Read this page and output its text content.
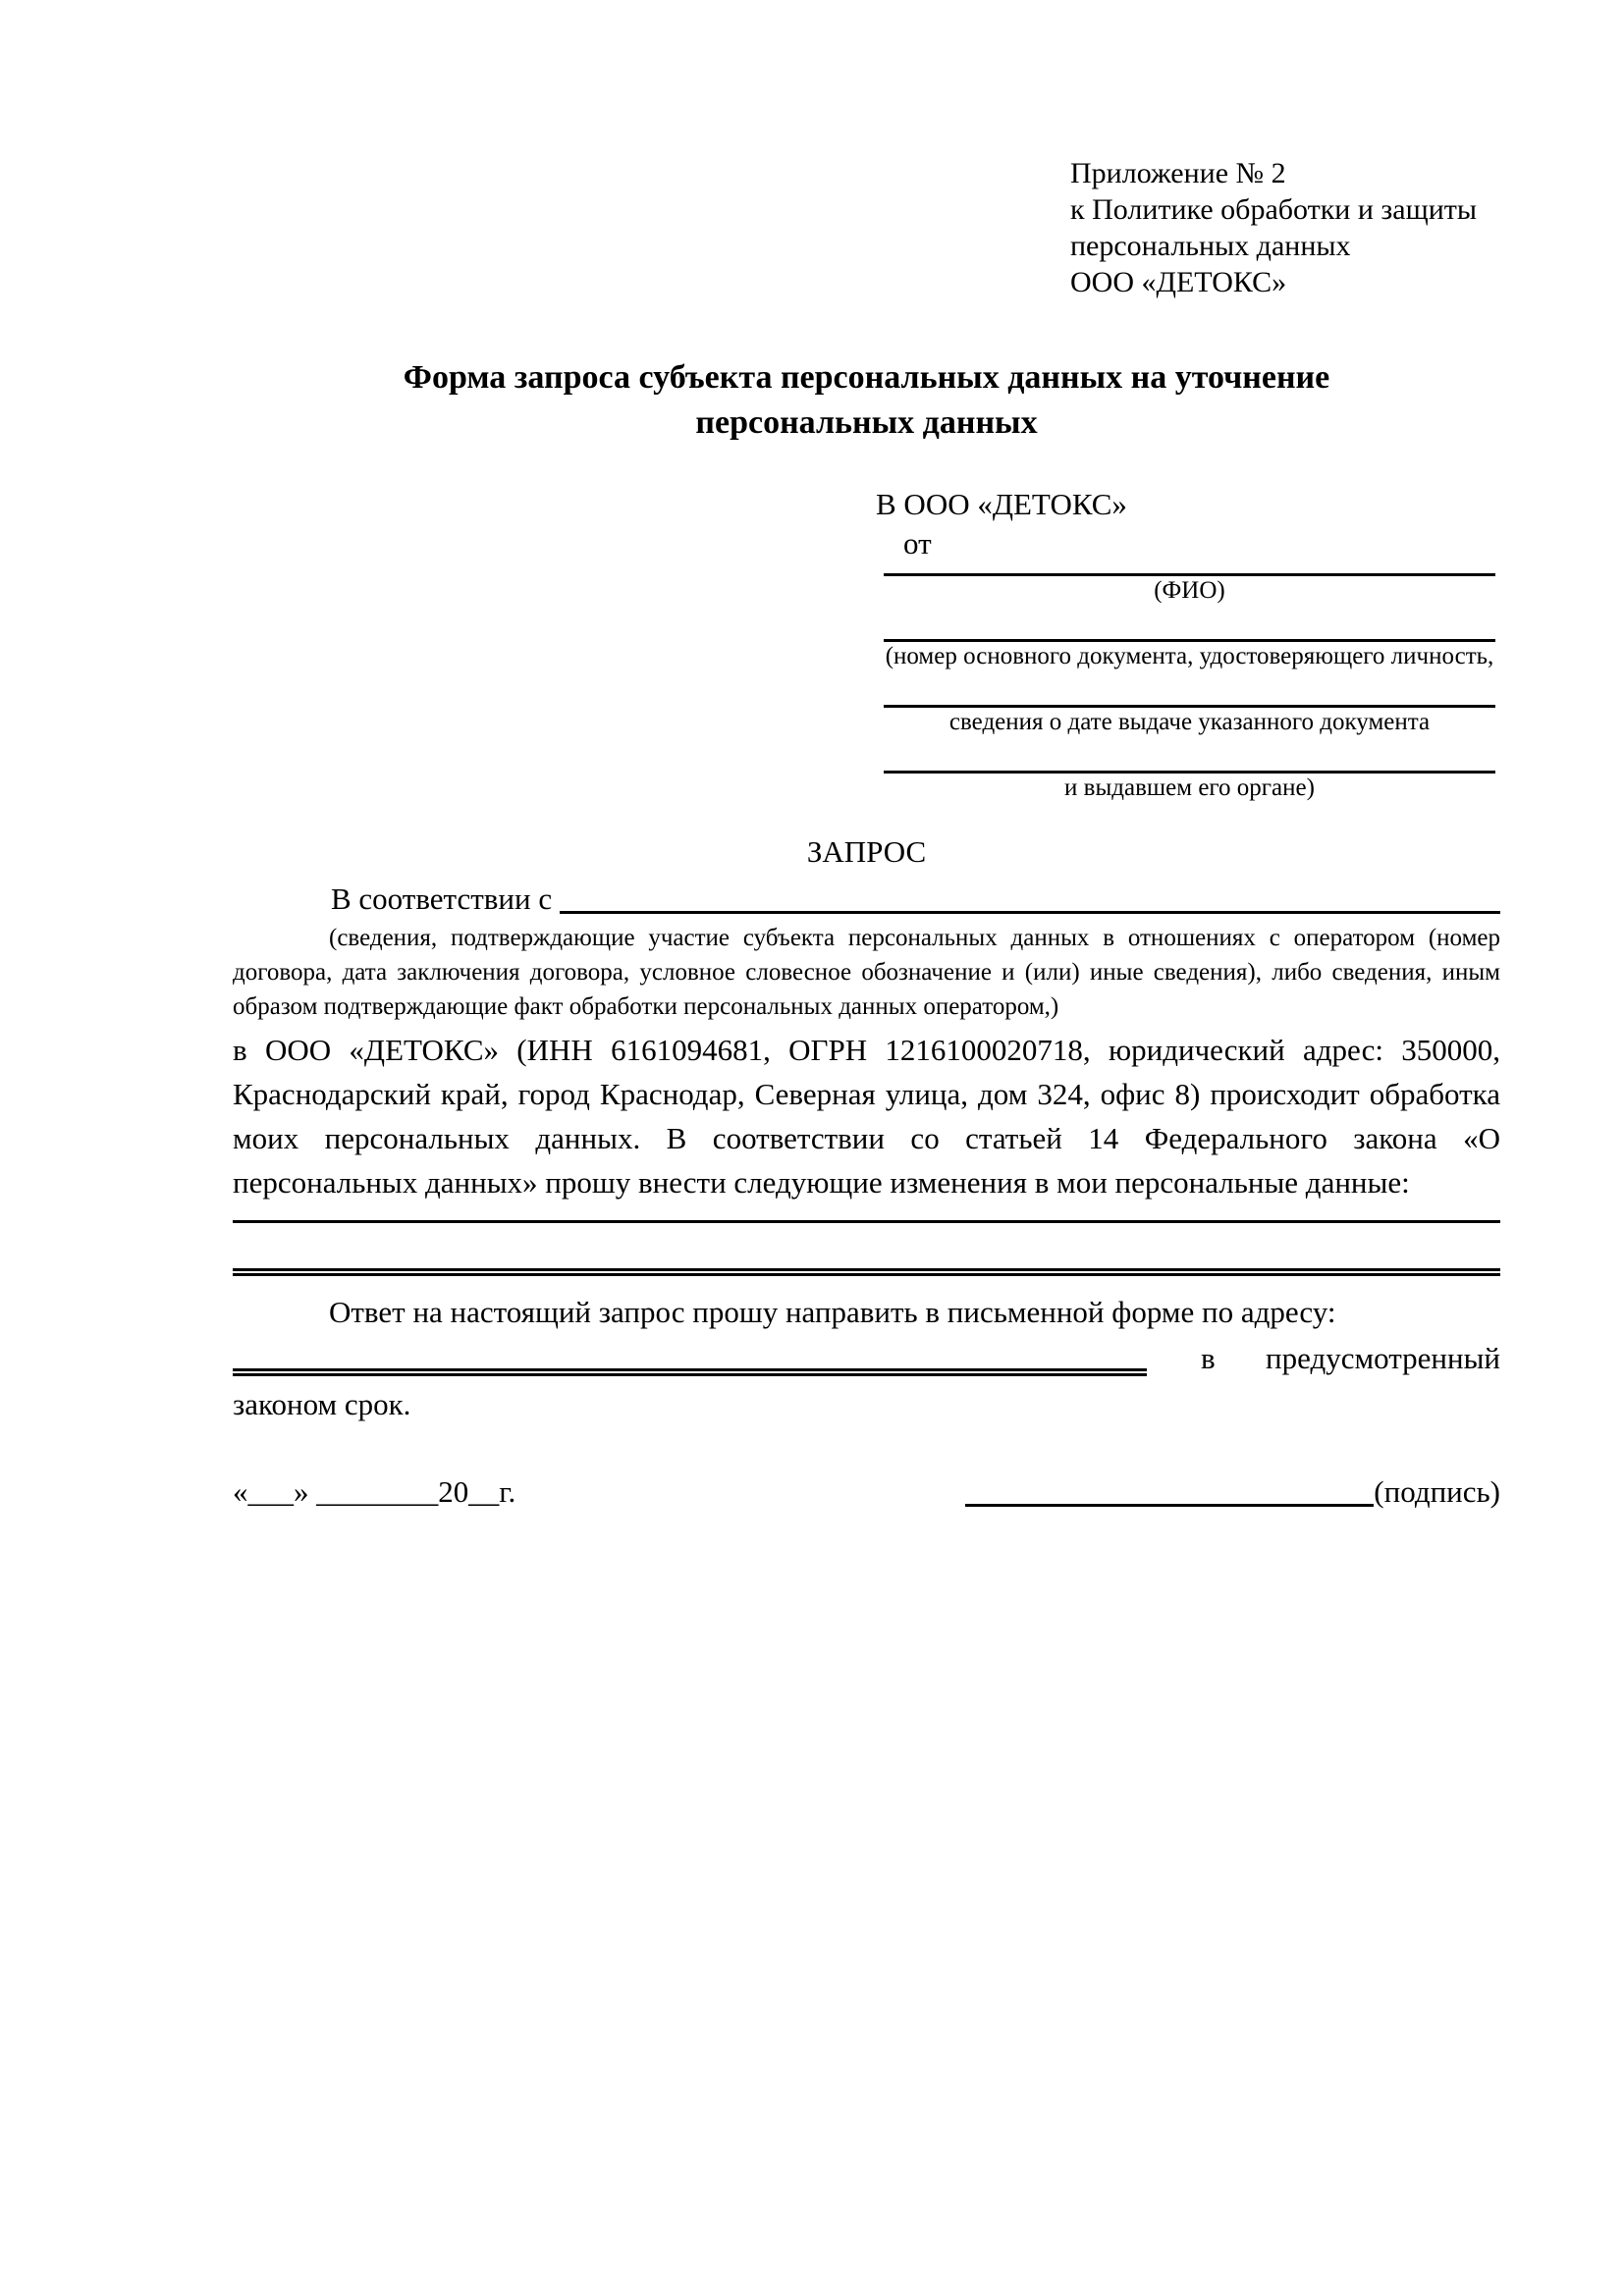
Приложение № 2
к Политике обработки и защиты
персональных данных
ООО «ДЕТОКС»
Форма запроса субъекта персональных данных на уточнение персональных данных
В ООО «ДЕТОКС»
от
(ФИО)
(номер основного документа, удостоверяющего личность,
сведения о дате выдаче указанного документа
и выдавшем его органе)
ЗАПРОС
В соответствии с

(сведения, подтверждающие участие субъекта персональных данных в отношениях с оператором (номер договора, дата заключения договора, условное словесное обозначение и (или) иные сведения), либо сведения, иным образом подтверждающие факт обработки персональных данных оператором,)

в ООО «ДЕТОКС» (ИНН 6161094681, ОГРН 1216100020718, юридический адрес: 350000, Краснодарский край, город Краснодар, Северная улица, дом 324, офис 8) происходит обработка моих персональных данных. В соответствии со статьей 14 Федерального закона «О персональных данных» прошу внести следующие изменения в мои персональные данные:

Ответ на настоящий запрос прошу направить в письменной форме по адресу:

в предусмотренный

законом срок.

«___» ________20__г.	(подпись)
